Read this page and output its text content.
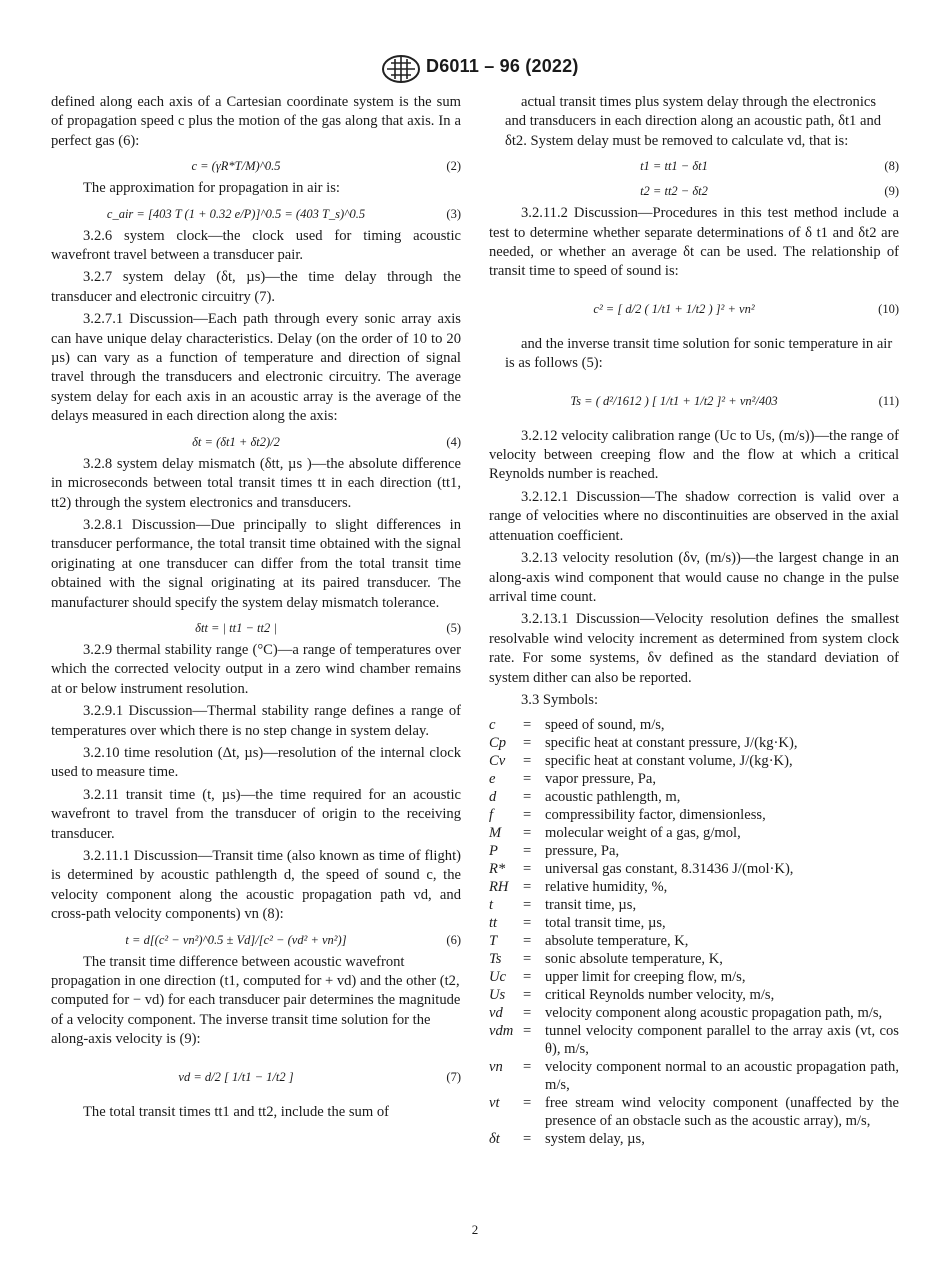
D6011 – 96 (2022)

defined along each axis of a Cartesian coordinate system is the sum of propagation speed c plus the motion of the gas along that axis. In a perfect gas (6):

c = (γR*T/M)^0.5	(2)

The approximation for propagation in air is:

c_air = [403 T (1 + 0.32 e/P)]^0.5 = (403 T_s)^0.5	(3)

3.2.6 system clock—the clock used for timing acoustic wavefront travel between a transducer pair.

3.2.7 system delay (δt, µs)—the time delay through the transducer and electronic circuitry (7).

3.2.7.1 Discussion—Each path through every sonic array axis can have unique delay characteristics. Delay (on the order of 10 to 20 µs) can vary as a function of temperature and direction of signal travel through the transducers and electronic circuitry. The average system delay for each axis in an acoustic array is the average of the delays measured in each direction along the axis:

δt = (δt1 + δt2)/2	(4)

3.2.8 system delay mismatch (δtt, µs )—the absolute difference in microseconds between total transit times tt in each direction (tt1, tt2) through the system electronics and transducers.

3.2.8.1 Discussion—Due principally to slight differences in transducer performance, the total transit time obtained with the signal originating at one transducer can differ from the total transit time obtained with the signal originating at its paired transducer. The manufacturer should specify the system delay mismatch tolerance.

δtt = | tt1 − tt2 |	(5)

3.2.9 thermal stability range (°C)—a range of temperatures over which the corrected velocity output in a zero wind chamber remains at or below instrument resolution.

3.2.9.1 Discussion—Thermal stability range defines a range of temperatures over which there is no step change in system delay.

3.2.10 time resolution (Δt, µs)—resolution of the internal clock used to measure time.

3.2.11 transit time (t, µs)—the time required for an acoustic wavefront to travel from the transducer of origin to the receiving transducer.

3.2.11.1 Discussion—Transit time (also known as time of flight) is determined by acoustic pathlength d, the speed of sound c, the velocity component along the acoustic propagation path vd, and cross-path velocity components) vn (8):

t = d[(c² − vn²)^0.5 ± Vd]/[c² − (vd² + vn²)]	(6)

The transit time difference between acoustic wavefront propagation in one direction (t1, computed for + vd) and the other (t2, computed for − vd) for each transducer pair determines the magnitude of a velocity component. The inverse transit time solution for the along-axis velocity is (9):

vd = d/2 [ 1/t1 − 1/t2 ]	(7)

The total transit times tt1 and tt2, include the sum of

actual transit times plus system delay through the electronics and transducers in each direction along an acoustic path, δt1 and δt2. System delay must be removed to calculate vd, that is:

t1 = tt1 − δt1	(8)
t2 = tt2 − δt2	(9)

3.2.11.2 Discussion—Procedures in this test method include a test to determine whether separate determinations of δ t1 and δt2 are needed, or whether an average δt can be used. The relationship of transit time to speed of sound is:

c² = [ d/2 ( 1/t1 + 1/t2 ) ]² + vn²	(10)

and the inverse transit time solution for sonic temperature in air is as follows (5):

Ts = ( d²/1612 ) [ 1/t1 + 1/t2 ]² + vn²/403	(11)

3.2.12 velocity calibration range (Uc to Us, (m/s))—the range of velocity between creeping flow and the flow at which a critical Reynolds number is reached.

3.2.12.1 Discussion—The shadow correction is valid over a range of velocities where no discontinuities are observed in the axial attenuation coefficient.

3.2.13 velocity resolution (δv, (m/s))—the largest change in an along-axis wind component that would cause no change in the pulse arrival time count.

3.2.13.1 Discussion—Velocity resolution defines the smallest resolvable wind velocity increment as determined from system clock rate. For some systems, δv defined as the standard deviation of system dither can also be reported.

3.3 Symbols:

c	=	speed of sound, m/s,
Cp	=	specific heat at constant pressure, J/(kg·K),
Cv	=	specific heat at constant volume, J/(kg·K),
e	=	vapor pressure, Pa,
d	=	acoustic pathlength, m,
f	=	compressibility factor, dimensionless,
M	=	molecular weight of a gas, g/mol,
P	=	pressure, Pa,
R*	=	universal gas constant, 8.31436 J/(mol·K),
RH	=	relative humidity, %,
t	=	transit time, µs,
tt	=	total transit time, µs,
T	=	absolute temperature, K,
Ts	=	sonic absolute temperature, K,
Uc	=	upper limit for creeping flow, m/s,
Us	=	critical Reynolds number velocity, m/s,
vd	=	velocity component along acoustic propagation path, m/s,
vdm	=	tunnel velocity component parallel to the array axis (vt, cos θ), m/s,
vn	=	velocity component normal to an acoustic propagation path, m/s,
vt	=	free stream wind velocity component (unaffected by the presence of an obstacle such as the acoustic array), m/s,
δt	=	system delay, µs,
2
